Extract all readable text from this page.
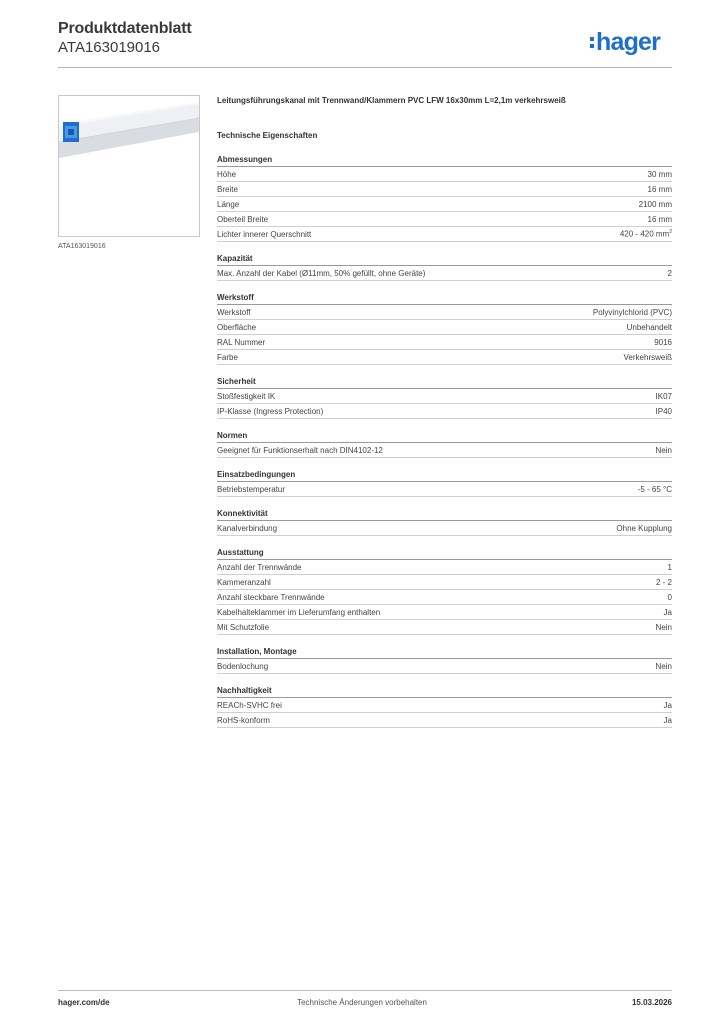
Produktdatenblatt
ATA163019016	hager
ATA163019016
Leitungsführungskanal mit Trennwand/Klammern PVC LFW 16x30mm L=2,1m verkehrsweiß
Technische Eigenschaften
Abmessungen
Höhe	30 mm
Breite	16 mm
Länge	2100 mm
Oberteil Breite	16 mm
Lichter innerer Querschnitt	420 - 420 $mm^2$
Kapazität
Max. Anzahl der Kabel (Ø11mm, 50% gefüllt, ohne Geräte)	2
Werkstoff
Werkstoff	Polyvinylchlorid (PVC)
Oberfläche	Unbehandelt
RAL Nummer	9016
Farbe	Verkehrsweiß
Sicherheit
Stoßfestigkeit IK	IK07
IP-Klasse (Ingress Protection)	IP40
Normen
Geeignet für Funktionserhalt nach DIN4102-12	Nein
Einsatzbedingungen
Betriebstemperatur	-5 - 65 °C
Konnektivität
Kanalverbindung	Ohne Kupplung
Ausstattung
Anzahl der Trennwände	1
Kammeranzahl	2 - 2
Anzahl steckbare Trennwände	0
Kabelhalteklammer im Lieferumfang enthalten	Ja
Mit Schutzfolie	Nein
Installation, Montage
Bodenlochung	Nein
Nachhaltigkeit
REACh-SVHC frei	Ja
RoHS-konform	Ja
hager.com/de	Technische Änderungen vorbehalten	15.03.2026
